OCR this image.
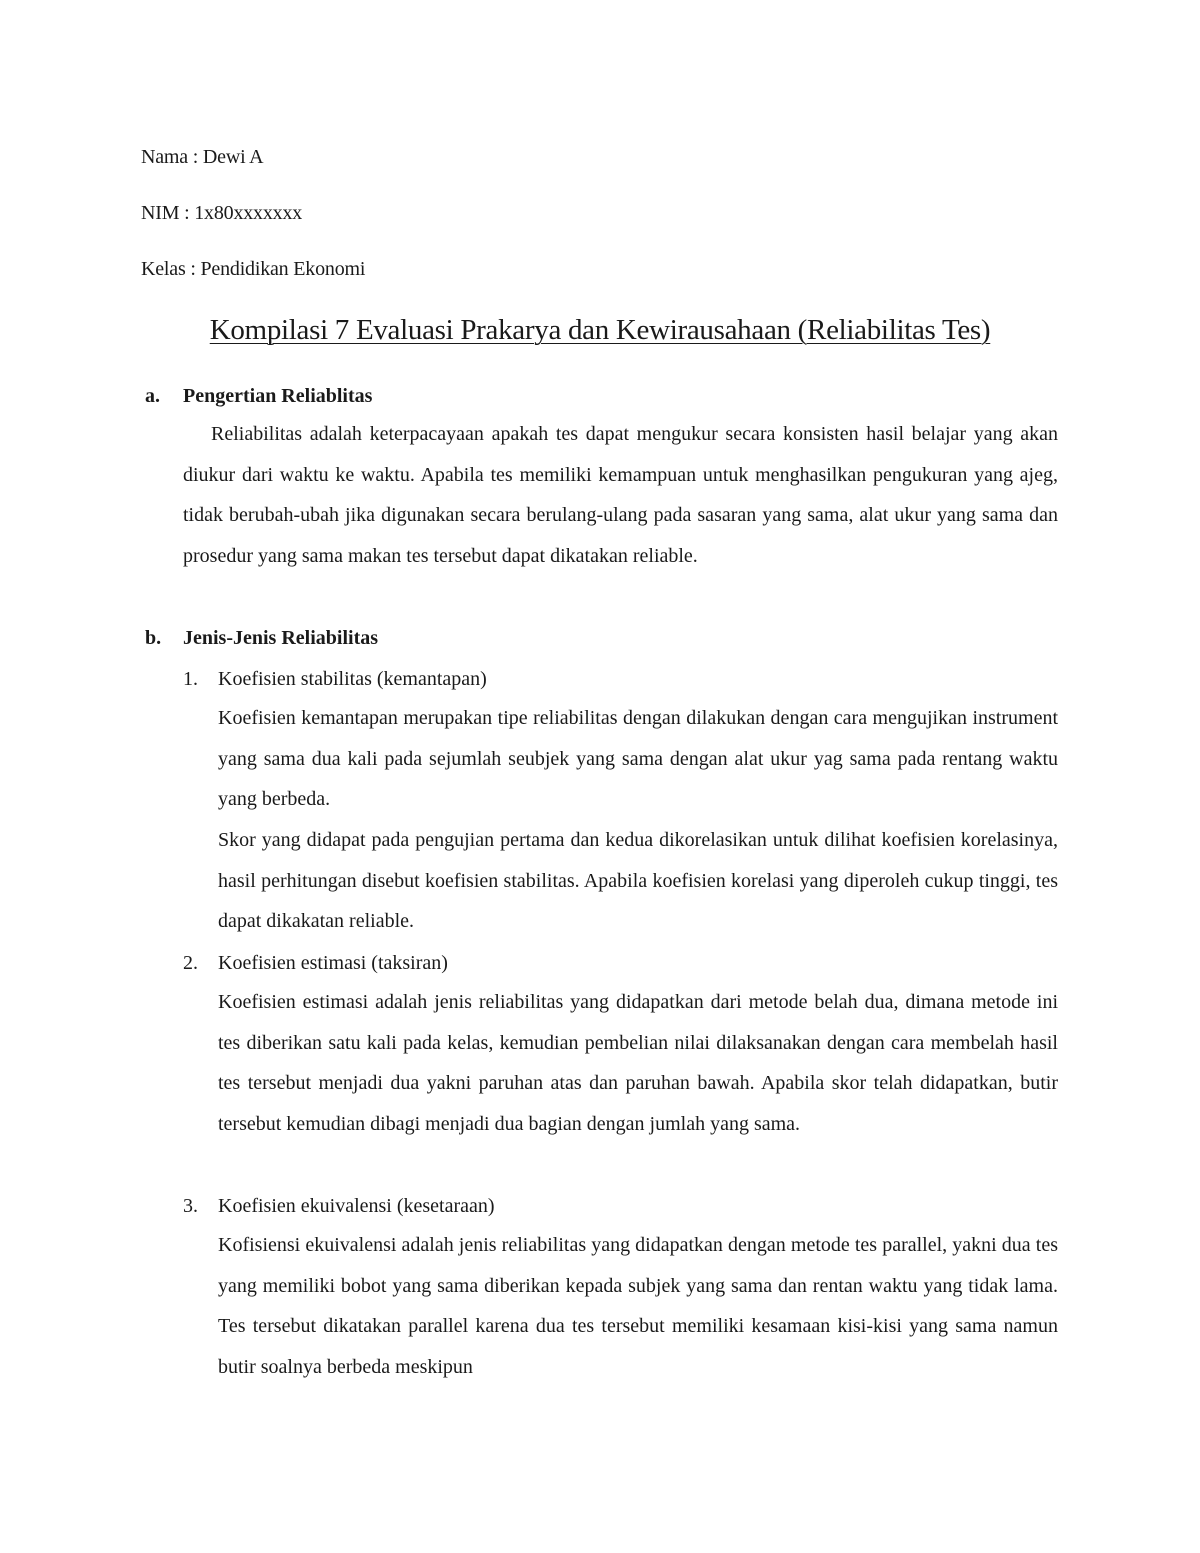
Nama : Dewi A
NIM : 1x80xxxxxxx
Kelas : Pendidikan Ekonomi
Kompilasi 7 Evaluasi Prakarya dan Kewirausahaan (Reliabilitas Tes)
a. Pengertian Reliablitas
Reliabilitas adalah keterpacayaan apakah tes dapat mengukur secara konsisten hasil belajar yang akan diukur dari waktu ke waktu. Apabila tes memiliki kemampuan untuk menghasilkan pengukuran yang ajeg, tidak berubah-ubah jika digunakan secara berulang-ulang pada sasaran yang sama, alat ukur yang sama dan prosedur yang sama makan tes tersebut dapat dikatakan reliable.
b. Jenis-Jenis Reliabilitas
1. Koefisien stabilitas (kemantapan)
Koefisien kemantapan merupakan tipe reliabilitas dengan dilakukan dengan cara mengujikan instrument yang sama dua kali pada sejumlah seubjek yang sama dengan alat ukur yag sama pada rentang waktu yang berbeda.
Skor yang didapat pada pengujian pertama dan kedua dikorelasikan untuk dilihat koefisien korelasinya, hasil perhitungan disebut koefisien stabilitas. Apabila koefisien korelasi yang diperoleh cukup tinggi, tes dapat dikakatan reliable.
2. Koefisien estimasi (taksiran)
Koefisien estimasi adalah jenis reliabilitas yang didapatkan dari metode belah dua, dimana metode ini tes diberikan satu kali pada kelas, kemudian pembelian nilai dilaksanakan dengan cara membelah hasil tes tersebut menjadi dua yakni paruhan atas dan paruhan bawah. Apabila skor telah didapatkan, butir tersebut kemudian dibagi menjadi dua bagian dengan jumlah yang sama.
3. Koefisien ekuivalensi (kesetaraan)
Kofisiensi ekuivalensi adalah jenis reliabilitas yang didapatkan dengan metode tes parallel, yakni dua tes yang memiliki bobot yang sama diberikan kepada subjek yang sama dan rentan waktu yang tidak lama. Tes tersebut dikatakan parallel karena dua tes tersebut memiliki kesamaan kisi-kisi yang sama namun butir soalnya berbeda meskipun
